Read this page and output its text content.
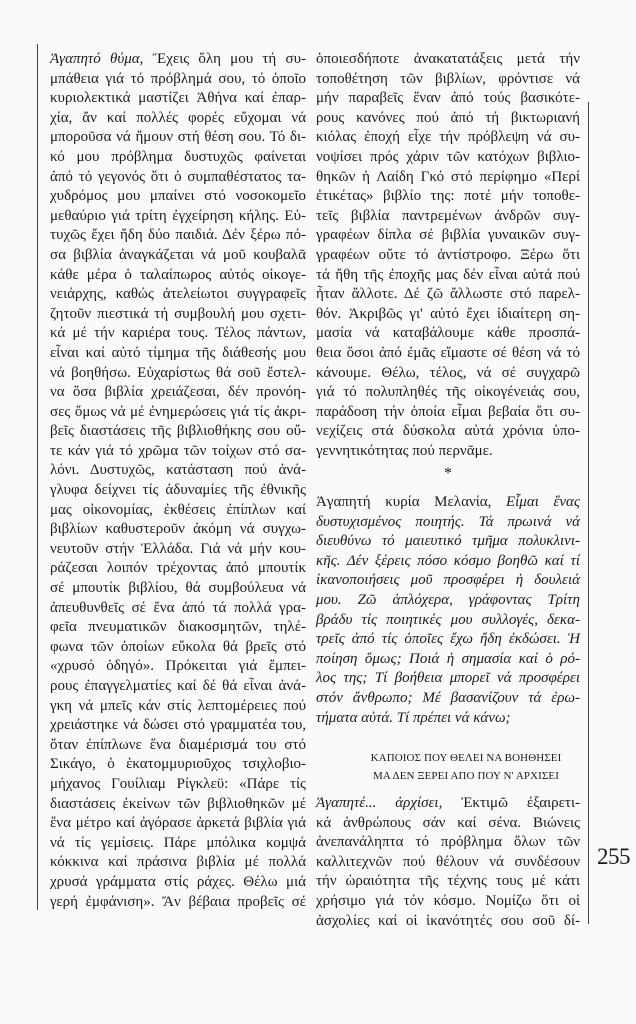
Ἀγαπητό θύμα, Ἔχεις ὅλη μου τή συ-
μπάθεια γιά τό πρόβλημά σου, τό ὁποῖο
κυριολεκτικά μαστίζει Ἀθήνα καί ἐπαρ-
χία, ἄν καί πολλές φορές εὔχομαι νά
μποροῦσα νά ἤμουν στή θέση σου. Τό δι-
κό μου πρόβλημα δυστυχῶς φαίνεται
ἀπό τό γεγονός ὅτι ὁ συμπαθέστατος τα-
χυδρόμος μου μπαίνει στό νοσοκομεῖο
μεθαύριο γιά τρίτη ἐγχείρηση κήλης. Εὐ-
τυχῶς ἔχει ἤδη δύο παιδιά. Δέν ξέρω πό-
σα βιβλία ἀναγκάζεται νά μοῦ κουβαλᾶ
κάθε μέρα ὁ ταλαίπωρος αὐτός οἰκογε-
νειάρχης, καθώς ἀτελείωτοι συγγραφεῖς
ζητοῦν πιεστικά τή συμβουλή μου σχετι-
κά μέ τήν καριέρα τους. Τέλος πάντων,
εἶναι καί αὐτό τίμημα τῆς διάθεσής μου
νά βοηθήσω. Εὐχαρίστως θά σοῦ ἔστελ-
να ὅσα βιβλία χρειάζεσαι, δέν προνόη-
σες ὅμως νά μέ ἐνημερώσεις γιά τίς ἀκρι-
βεῖς διαστάσεις τῆς βιβλιοθήκης σου οὔ-
τε κάν γιά τό χρῶμα τῶν τοίχων στό σα-
λόνι. Δυστυχῶς, κατάσταση πού ἀνά-
γλυφα δείχνει τίς ἀδυναμίες τῆς ἐθνικῆς
μας οἰκονομίας, ἐκθέσεις ἐπίπλων καί
βιβλίων καθυστεροῦν ἀκόμη νά συγχω-
νευτοῦν στήν Ἑλλάδα. Γιά νά μήν κου-
ράζεσαι λοιπόν τρέχοντας ἀπό μπουτίκ
σέ μπουτίκ βιβλίου, θά συμβούλευα νά
ἀπευθυνθεῖς σέ ἕνα ἀπό τά πολλά γρα-
φεῖα πνευματικῶν διακοσμητῶν, τηλέ-
φωνα τῶν ὁποίων εὔκολα θά βρεῖς στό
«χρυσό ὁδηγό». Πρόκειται γιά ἔμπει-
ρους ἐπαγγελματίες καί δέ θά εἶναι ἀνά-
γκη νά μπεῖς κάν στίς λεπτομέρειες πού
χρειάστηκε νά δώσει στό γραμματέα του,
ὅταν ἐπίπλωνε ἕνα διαμέρισμά του στό
Σικάγο, ὁ ἑκατομμυριοῦχος τσιχλοβιο-
μήχανος Γουίλιαμ Ρίγκλεϋ: «Πάρε τίς
διαστάσεις ἐκείνων τῶν βιβλιοθηκῶν μέ
ἕνα μέτρο καί ἀγόρασε ἀρκετά βιβλία γιά
νά τίς γεμίσεις. Πάρε μπόλικα κομψά
κόκκινα καί πράσινα βιβλία μέ πολλά
χρυσά γράμματα στίς ράχες. Θέλω μιά
γερή ἐμφάνιση». Ἄν βέβαια προβεῖς σέ
ὁποιεσδήποτε ἀνακατατάξεις μετά τήν
τοποθέτηση τῶν βιβλίων, φρόντισε νά
μήν παραβεῖς ἕναν ἀπό τούς βασικότε-
ρους κανόνες πού ἀπό τή βικτωριανή
κιόλας ἐποχή εἶχε τήν πρόβλεψη νά συ-
νοψίσει πρός χάριν τῶν κατόχων βιβλιο-
θηκῶν ἡ Λαίδη Γκό στό περίφημο «Περί
ἐτικέτας» βιβλίο της: ποτέ μήν τοποθε-
τεῖς βιβλία παντρεμένων ἀνδρῶν συγ-
γραφέων δίπλα σέ βιβλία γυναικῶν συγ-
γραφέων οὔτε τό ἀντίστροφο. Ξέρω ὅτι
τά ἤθη τῆς ἐποχῆς μας δέν εἶναι αὐτά πού
ἦταν ἄλλοτε. Δέ ζῶ ἄλλωστε στό παρελ-
θόν. Ἀκριβῶς γι' αὐτό ἔχει ἰδιαίτερη ση-
μασία νά καταβάλουμε κάθε προσπά-
θεια ὅσοι ἀπό ἐμᾶς εἴμαστε σέ θέση νά τό
κάνουμε. Θέλω, τέλος, νά σέ συγχαρῶ
γιά τό πολυπληθές τῆς οἰκογένειάς σου,
παράδοση τήν ὁποία εἶμαι βεβαία ὅτι συ-
νεχίζεις στά δύσκολα αὐτά χρόνια ὑπο-
γεννητικότητας πού περνᾶμε.
*
Ἀγαπητή κυρία Μελανία, Εἶμαι ἕνας
δυστυχισμένος ποιητής. Τά πρωινά νά
διευθύνω τό μαιευτικό τμῆμα πολυκλινι-
κῆς. Δέν ξέρεις πόσο κόσμο βοηθῶ καί τί
ἱκανοποιήσεις μοῦ προσφέρει ἡ δουλειά
μου. Ζῶ ἁπλόχερα, γράφοντας Τρίτη
βράδυ τίς ποιητικές μου συλλογές, δεκα-
τρεῖς ἀπό τίς ὁποῖες ἔχω ἤδη ἐκδώσει. Ἡ
ποίηση ὅμως; Ποιά ἡ σημασία καί ὁ ρό-
λος της; Τί βοήθεια μπορεῖ νά προσφέρει
στόν ἄνθρωπο; Μέ βασανίζουν τά ἐρω-
τήματα αὐτά. Τί πρέπει νά κάνω;
ΚΑΠΟΙΟΣ ΠΟΥ ΘΕΛΕΙ ΝΑ ΒΟΗΘΗΣΕΙ
ΜΑ ΔΕΝ ΞΕΡΕΙ ΑΠΟ ΠΟΥ Ν' ΑΡΧΙΣΕΙ
Ἀγαπητέ... ἀρχίσει, Ἐκτιμῶ ἐξαιρετι-
κά ἀνθρώπους σάν καί σένα. Βιώνεις
ἀνεπανάληπτα τό πρόβλημα ὅλων τῶν
καλλιτεχνῶν πού θέλουν νά συνδέσουν
τήν ὡραιότητα τῆς τέχνης τους μέ κάτι
χρήσιμο γιά τόν κόσμο. Νομίζω ὅτι οἱ
ἀσχολίες καί οἱ ἱκανότητές σου σοῦ δί-
255
